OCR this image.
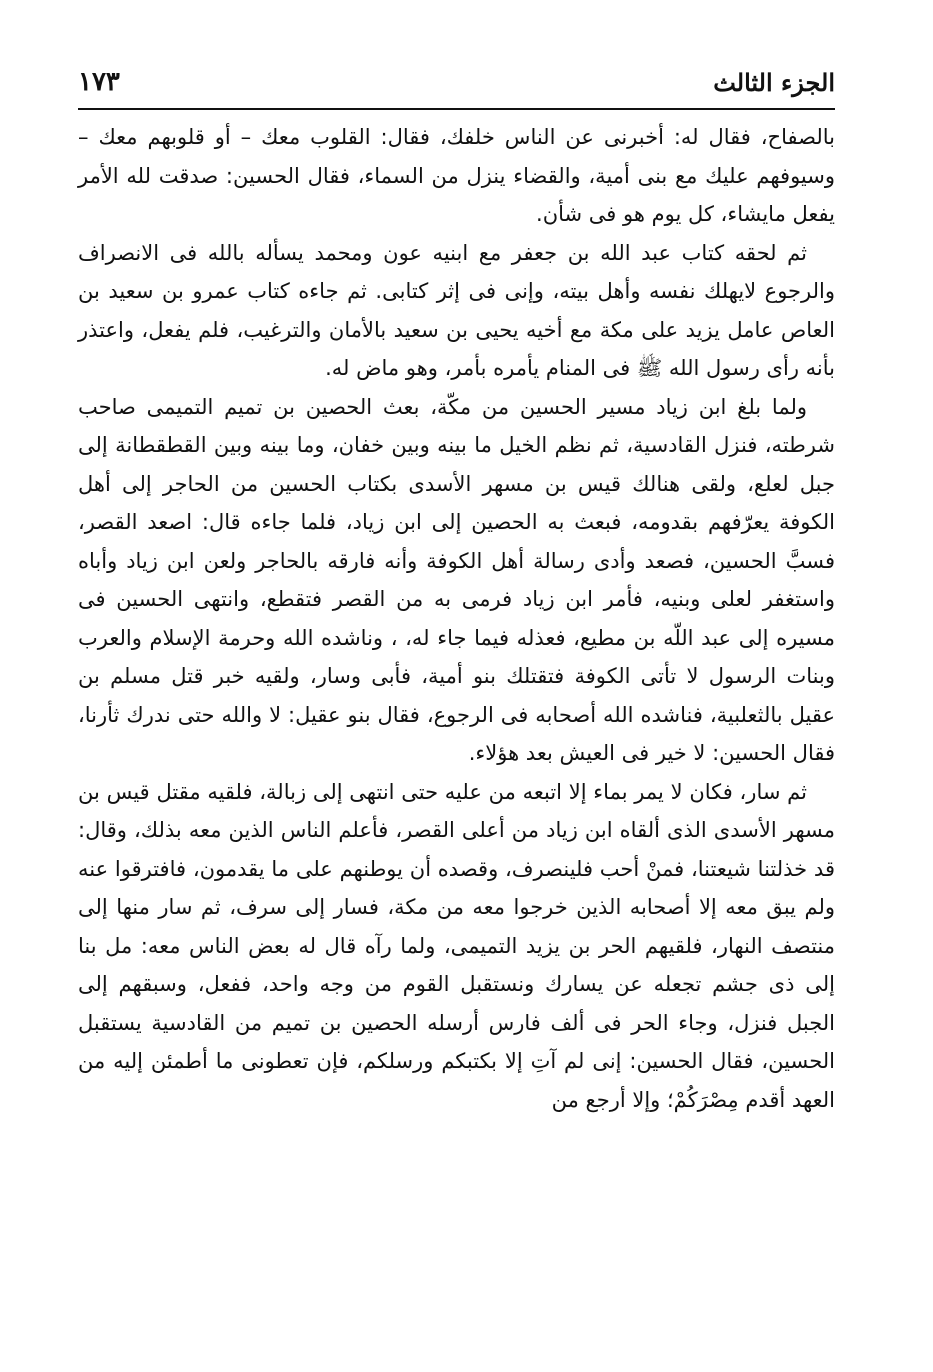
الجزء الثالث
١٧٣

بالصفاح، فقال له: أخبرنى عن الناس خلفك، فقال: القلوب معك – أو قلوبهم معك – وسيوفهم عليك مع بنى أمية، والقضاء ينزل من السماء، فقال الحسين: صدقت لله الأمر يفعل مايشاء، كل يوم هو فى شأن.

ثم لحقه كتاب عبد الله بن جعفر مع ابنيه عون ومحمد يسأله بالله فى الانصراف والرجوع لايهلك نفسه وأهل بيته، وإنى فى إثر كتابى. ثم جاءه كتاب عمرو بن سعيد بن العاص عامل يزيد على مكة مع أخيه يحيى بن سعيد بالأمان والترغيب، فلم يفعل، واعتذر بأنه رأى رسول الله ﷺ فى المنام يأمره بأمر، وهو ماض له.

ولما بلغ ابن زياد مسير الحسين من مكّة، بعث الحصين بن تميم التميمى صاحب شرطته، فنزل القادسية، ثم نظم الخيل ما بينه وبين خفان، وما بينه وبين القطقطانة إلى جبل لعلع، ولقى هنالك قيس بن مسهر الأسدى بكتاب الحسين من الحاجر إلى أهل الكوفة يعرّفهم بقدومه، فبعث به الحصين إلى ابن زياد، فلما جاءه قال: اصعد القصر، فسبَّ الحسين، فصعد وأدى رسالة أهل الكوفة وأنه فارقه بالحاجر ولعن ابن زياد وأباه واستغفر لعلى وبنيه، فأمر ابن زياد فرمى به من القصر فتقطع، وانتهى الحسين فى مسيره إلى عبد اللّه بن مطيع، فعذله فيما جاء له، ، وناشده الله وحرمة الإسلام والعرب وبنات الرسول لا تأتى الكوفة فتقتلك بنو أمية، فأبى وسار، ولقيه خبر قتل مسلم بن عقيل بالثعلبية، فناشده الله أصحابه فى الرجوع، فقال بنو عقيل: لا والله حتى ندرك ثأرنا، فقال الحسين: لا خير فى العيش بعد هؤلاء.

ثم سار، فكان لا يمر بماء إلا اتبعه من عليه حتى انتهى إلى زبالة، فلقيه مقتل قيس بن مسهر الأسدى الذى ألقاه ابن زياد من أعلى القصر، فأعلم الناس الذين معه بذلك، وقال: قد خذلتنا شيعتنا، فمنْ أحب فلينصرف، وقصده أن يوطنهم على ما يقدمون، فافترقوا عنه ولم يبق معه إلا أصحابه الذين خرجوا معه من مكة، فسار إلى سرف، ثم سار منها إلى منتصف النهار، فلقيهم الحر بن يزيد التميمى، ولما رآه قال له بعض الناس معه: مل بنا إلى ذى جشم تجعله عن يسارك ونستقبل القوم من وجه واحد، ففعل، وسبقهم إلى الجبل فنزل، وجاء الحر فى ألف فارس أرسله الحصين بن تميم من القادسية يستقبل الحسين، فقال الحسين: إنى لم آتِ إلا بكتبكم ورسلكم، فإن تعطونى ما أطمئن إليه من العهد أقدم مِصْرَكُمْ؛ وإلا أرجع من
